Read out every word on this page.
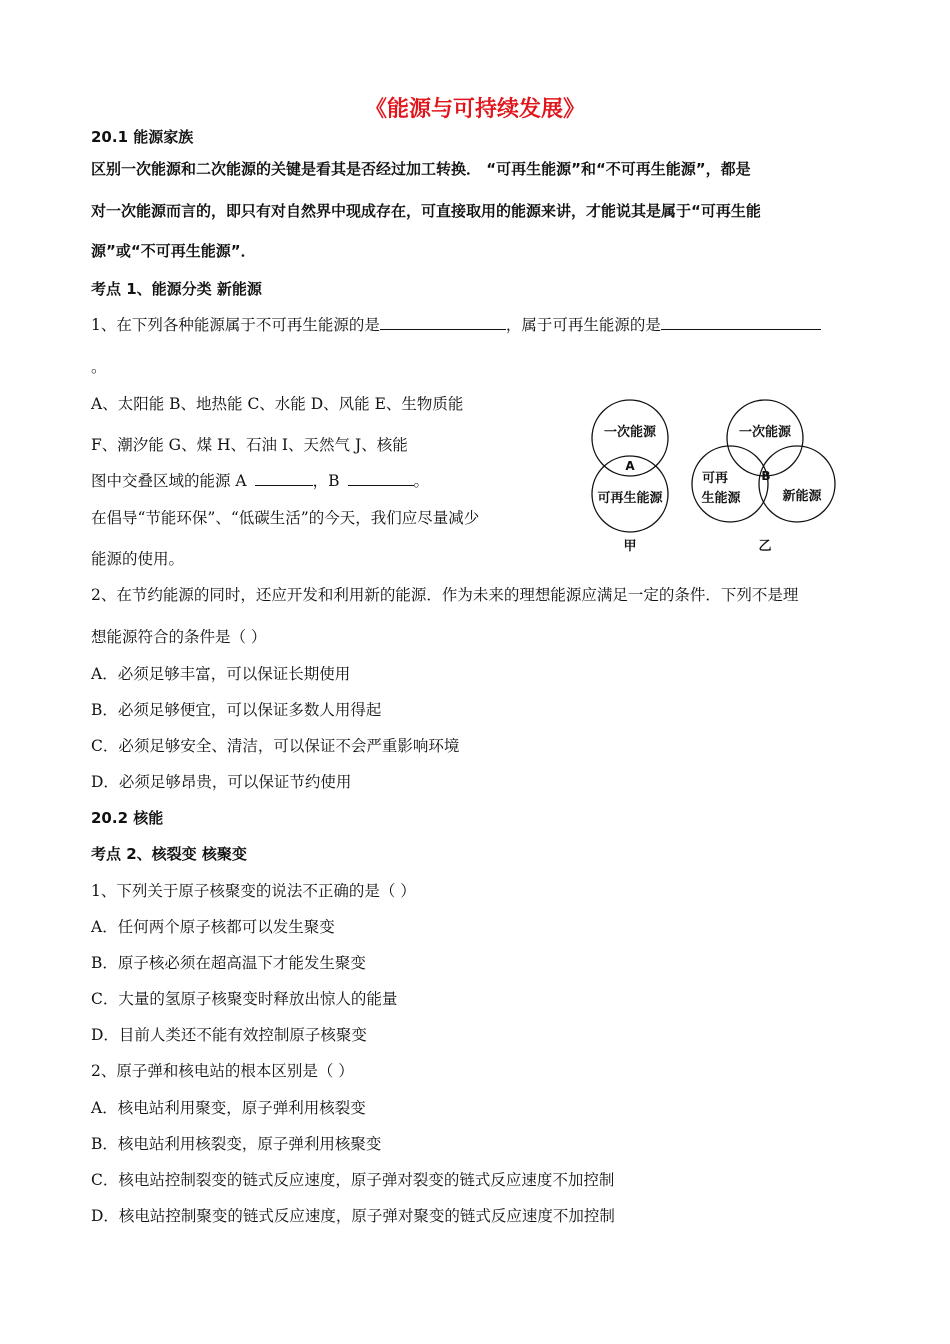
《能源与可持续发展》
20.1 能源家族
区别一次能源和二次能源的关键是看其是否经过加工转换． “可再生能源”和“不可再生能源”，都是
对一次能源而言的，即只有对自然界中现成存在，可直接取用的能源来讲，才能说其是属于“可再生能
源”或“不可再生能源”．
考点 1、能源分类 新能源
1、在下列各种能源属于不可再生能源的是	，属于可再生能源的是
。
A、太阳能 B、地热能 C、水能 D、风能 E、生物质能
F、潮汐能 G、煤 H、石油 I、天然气 J、核能
图中交叠区域的能源 A	，B	。
在倡导“节能环保”、“低碳生活”的今天，我们应尽量减少
能源的使用。
一次能源
A
可再生能源
甲
一次能源
可再
生能源
B
新能源
乙
2、在节约能源的同时，还应开发和利用新的能源．作为未来的理想能源应满足一定的条件．下列不是理
想能源符合的条件是（ ）
A．必须足够丰富，可以保证长期使用
B．必须足够便宜，可以保证多数人用得起
C．必须足够安全、清洁，可以保证不会严重影响环境
D．必须足够昂贵，可以保证节约使用
20.2 核能
考点 2、核裂变 核聚变
1、下列关于原子核聚变的说法不正确的是（ ）
A．任何两个原子核都可以发生聚变
B．原子核必须在超高温下才能发生聚变
C．大量的氢原子核聚变时释放出惊人的能量
D．目前人类还不能有效控制原子核聚变
2、原子弹和核电站的根本区别是（ ）
A．核电站利用聚变，原子弹利用核裂变
B．核电站利用核裂变，原子弹利用核聚变
C．核电站控制裂变的链式反应速度，原子弹对裂变的链式反应速度不加控制
D．核电站控制聚变的链式反应速度，原子弹对聚变的链式反应速度不加控制
